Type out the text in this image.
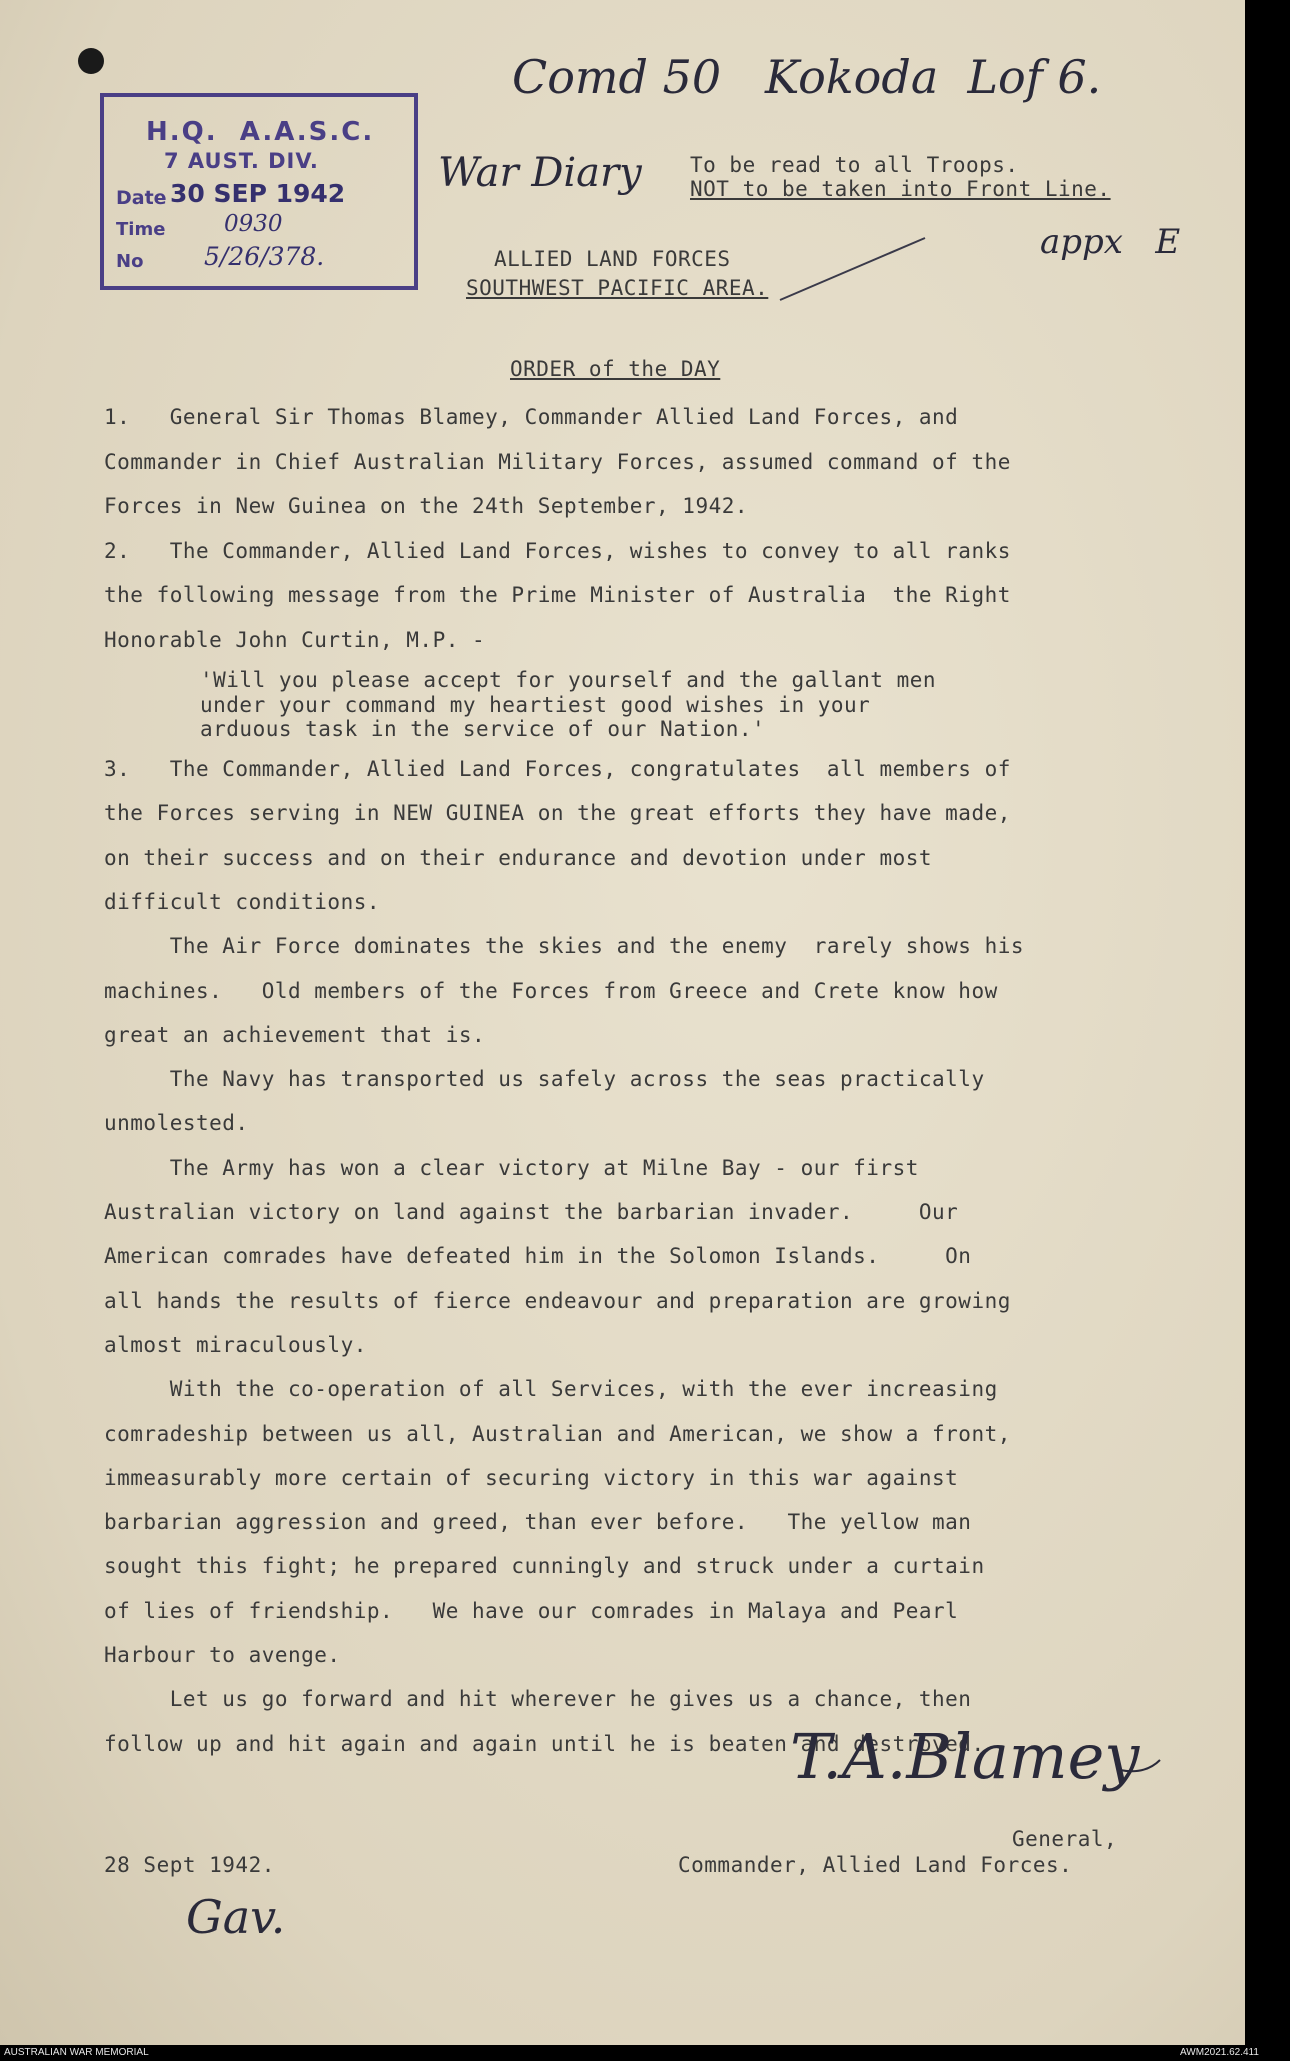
H.Q.  A.A.S.C.
7 AUST. DIV.
Date 30 SEP 1942
Time	0930
No 5/26/378.
Comd 50   Kokoda  Lof 6.
War Diary
appx   E
To be read to all Troops.
NOT to be taken into Front Line.
ALLIED LAND FORCES
SOUTHWEST PACIFIC AREA.
ORDER of the DAY
1.   General Sir Thomas Blamey, Commander Allied Land Forces, and
Commander in Chief Australian Military Forces, assumed command of the
Forces in New Guinea on the 24th September, 1942.
2.   The Commander, Allied Land Forces, wishes to convey to all ranks
the following message from the Prime Minister of Australia  the Right
Honorable John Curtin, M.P. -
'Will you please accept for yourself and the gallant men
under your command my heartiest good wishes in your
arduous task in the service of our Nation.'
3.   The Commander, Allied Land Forces, congratulates  all members of
the Forces serving in NEW GUINEA on the great efforts they have made,
on their success and on their endurance and devotion under most
difficult conditions.
The Air Force dominates the skies and the enemy  rarely shows his
machines.   Old members of the Forces from Greece and Crete know how
great an achievement that is.
The Navy has transported us safely across the seas practically
unmolested.
The Army has won a clear victory at Milne Bay - our first
Australian victory on land against the barbarian invader.     Our
American comrades have defeated him in the Solomon Islands.     On
all hands the results of fierce endeavour and preparation are growing
almost miraculously.
With the co-operation of all Services, with the ever increasing
comradeship between us all, Australian and American, we show a front,
immeasurably more certain of securing victory in this war against
barbarian aggression and greed, than ever before.   The yellow man
sought this fight; he prepared cunningly and struck under a curtain
of lies of friendship.   We have our comrades in Malaya and Pearl
Harbour to avenge.
Let us go forward and hit wherever he gives us a chance, then
follow up and hit again and again until he is beaten and destroyed.
T.A.Blamey
General,
Commander, Allied Land Forces.
28 Sept 1942.
Gav.
AUSTRALIAN WAR MEMORIAL	AWM2021.62.411
